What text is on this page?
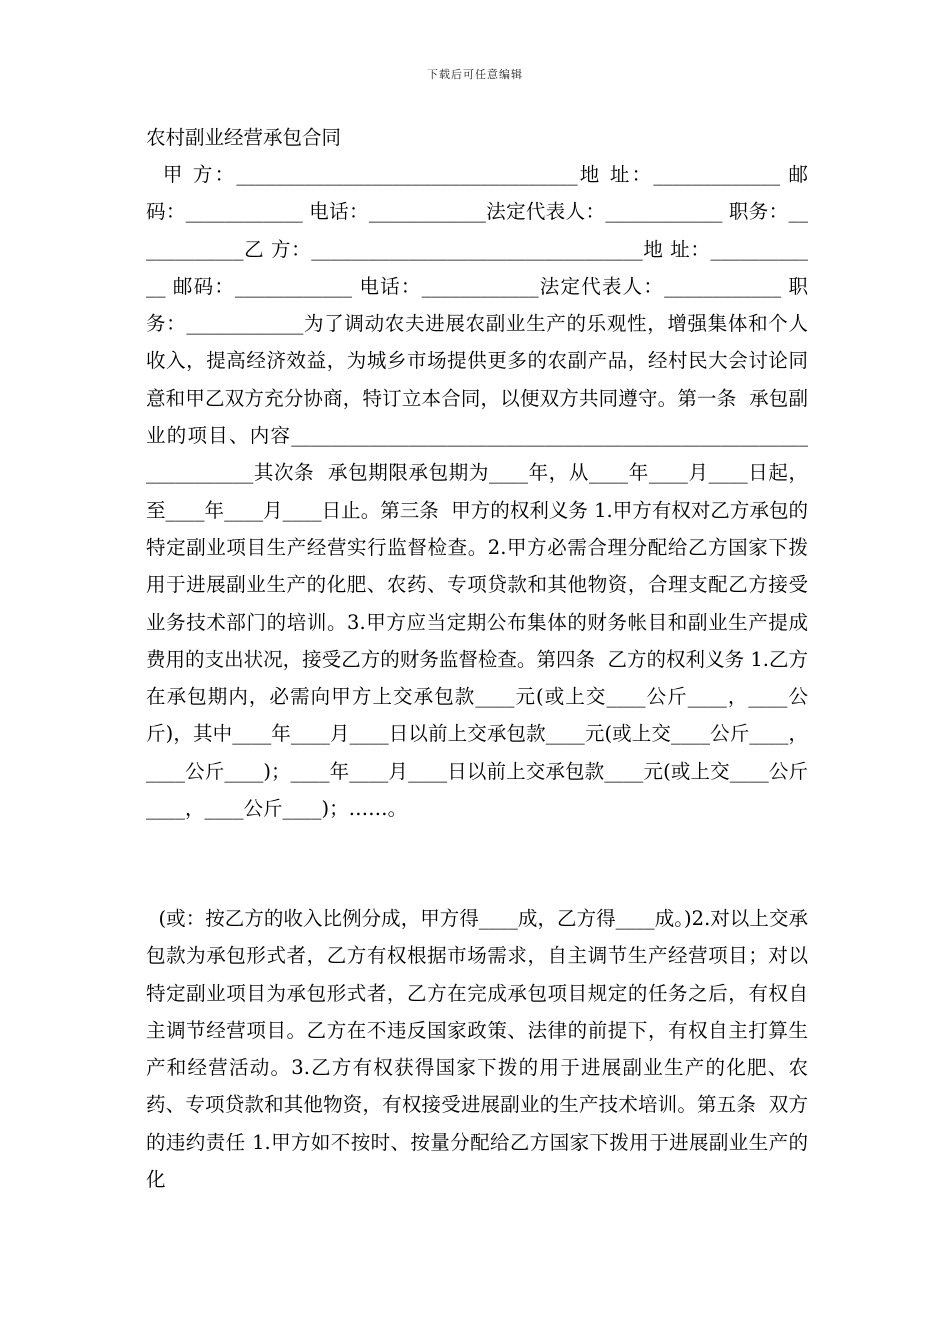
下载后可任意编辑
农村副业经营承包合同

甲 方：___________________________________地 址：_____________ 邮码：____________ 电话：____________法定代表人：____________ 职务：____________乙 方：__________________________________地 址：____________ 邮码：____________ 电话：____________法定代表人：____________ 职务：____________为了调动农夫进展农副业生产的乐观性，增强集体和个人收入，提高经济效益，为城乡市场提供更多的农副产品，经村民大会讨论同意和甲乙双方充分协商，特订立本合同，以便双方共同遵守。第一条  承包副业的项目、内容________________________________________________________________其次条  承包期限承包期为____年，从____年____月____日起，至____年____月____日止。第三条  甲方的权利义务 1.甲方有权对乙方承包的特定副业项目生产经营实行监督检查。2.甲方必需合理分配给乙方国家下拨用于进展副业生产的化肥、农药、专项贷款和其他物资，合理支配乙方接受业务技术部门的培训。3.甲方应当定期公布集体的财务帐目和副业生产提成费用的支出状况，接受乙方的财务监督检查。第四条  乙方的权利义务 1.乙方在承包期内，必需向甲方上交承包款____元(或上交____公斤____，____公斤)，其中____年____月____日以前上交承包款____元(或上交____公斤____，____公斤____)；____年____月____日以前上交承包款____元(或上交____公斤____，____公斤____)；……。

(或：按乙方的收入比例分成，甲方得____成，乙方得____成。)2.对以上交承包款为承包形式者，乙方有权根据市场需求，自主调节生产经营项目；对以特定副业项目为承包形式者，乙方在完成承包项目规定的任务之后，有权自主调节经营项目。乙方在不违反国家政策、法律的前提下，有权自主打算生产和经营活动。3.乙方有权获得国家下拨的用于进展副业生产的化肥、农药、专项贷款和其他物资，有权接受进展副业的生产技术培训。第五条  双方的违约责任 1.甲方如不按时、按量分配给乙方国家下拨用于进展副业生产的化
